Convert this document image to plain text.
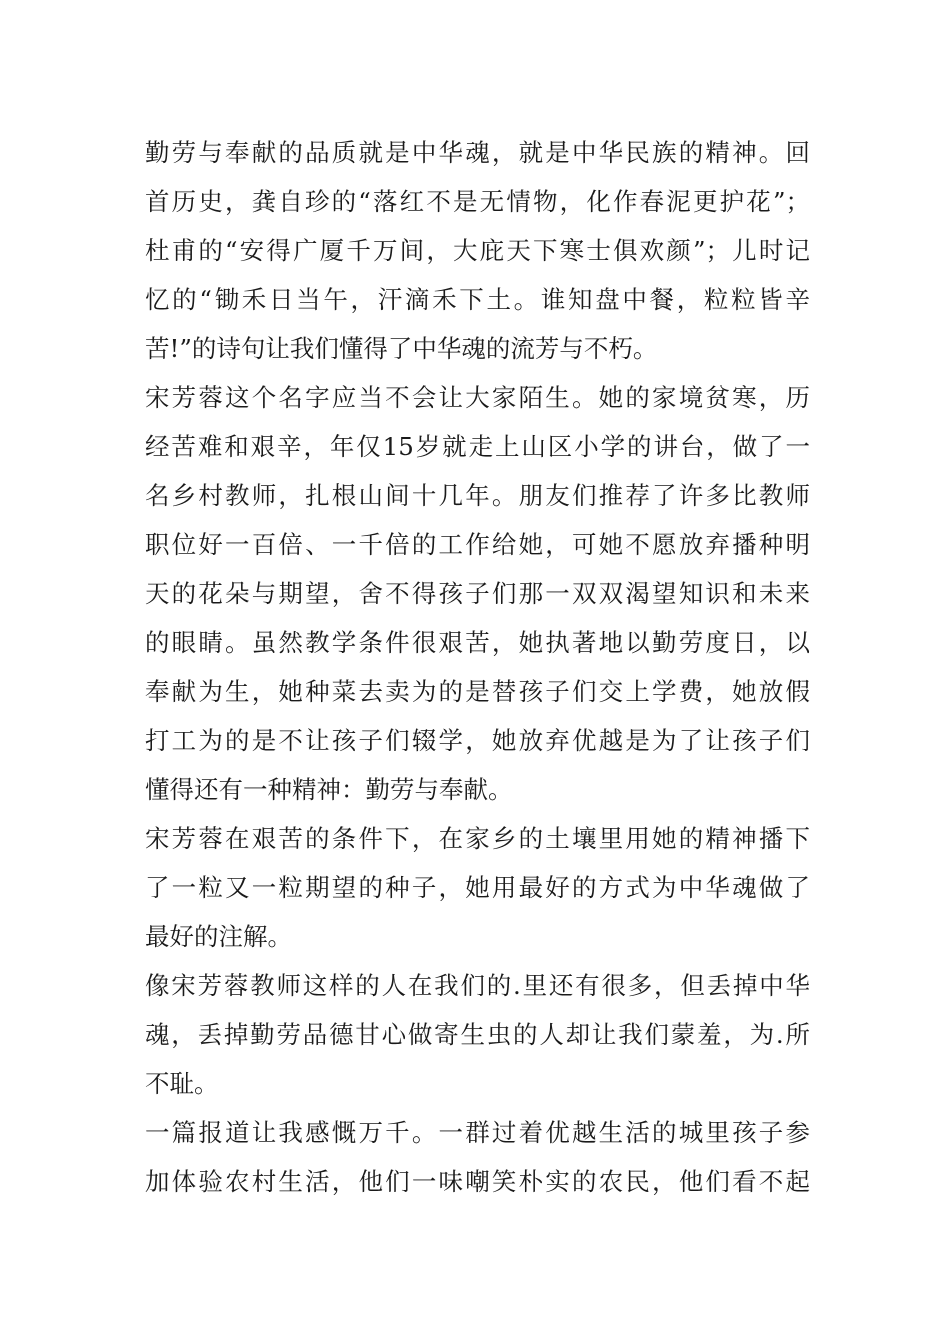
勤劳与奉献的品质就是中华魂，就是中华民族的精神。回
首历史，龚自珍的“落红不是无情物，化作春泥更护花”；
杜甫的“安得广厦千万间，大庇天下寒士俱欢颜”；儿时记
忆的“锄禾日当午，汗滴禾下土。谁知盘中餐，粒粒皆辛
苦!”的诗句让我们懂得了中华魂的流芳与不朽。
宋芳蓉这个名字应当不会让大家陌生。她的家境贫寒，历
经苦难和艰辛，年仅15岁就走上山区小学的讲台，做了一
名乡村教师，扎根山间十几年。朋友们推荐了许多比教师
职位好一百倍、一千倍的工作给她，可她不愿放弃播种明
天的花朵与期望，舍不得孩子们那一双双渴望知识和未来
的眼睛。虽然教学条件很艰苦，她执著地以勤劳度日，以
奉献为生，她种菜去卖为的是替孩子们交上学费，她放假
打工为的是不让孩子们辍学，她放弃优越是为了让孩子们
懂得还有一种精神：勤劳与奉献。
宋芳蓉在艰苦的条件下，在家乡的土壤里用她的精神播下
了一粒又一粒期望的种子，她用最好的方式为中华魂做了
最好的注解。
像宋芳蓉教师这样的人在我们的.里还有很多，但丢掉中华
魂，丢掉勤劳品德甘心做寄生虫的人却让我们蒙羞，为.所
不耻。
一篇报道让我感慨万千。一群过着优越生活的城里孩子参
加体验农村生活，他们一味嘲笑朴实的农民，他们看不起
